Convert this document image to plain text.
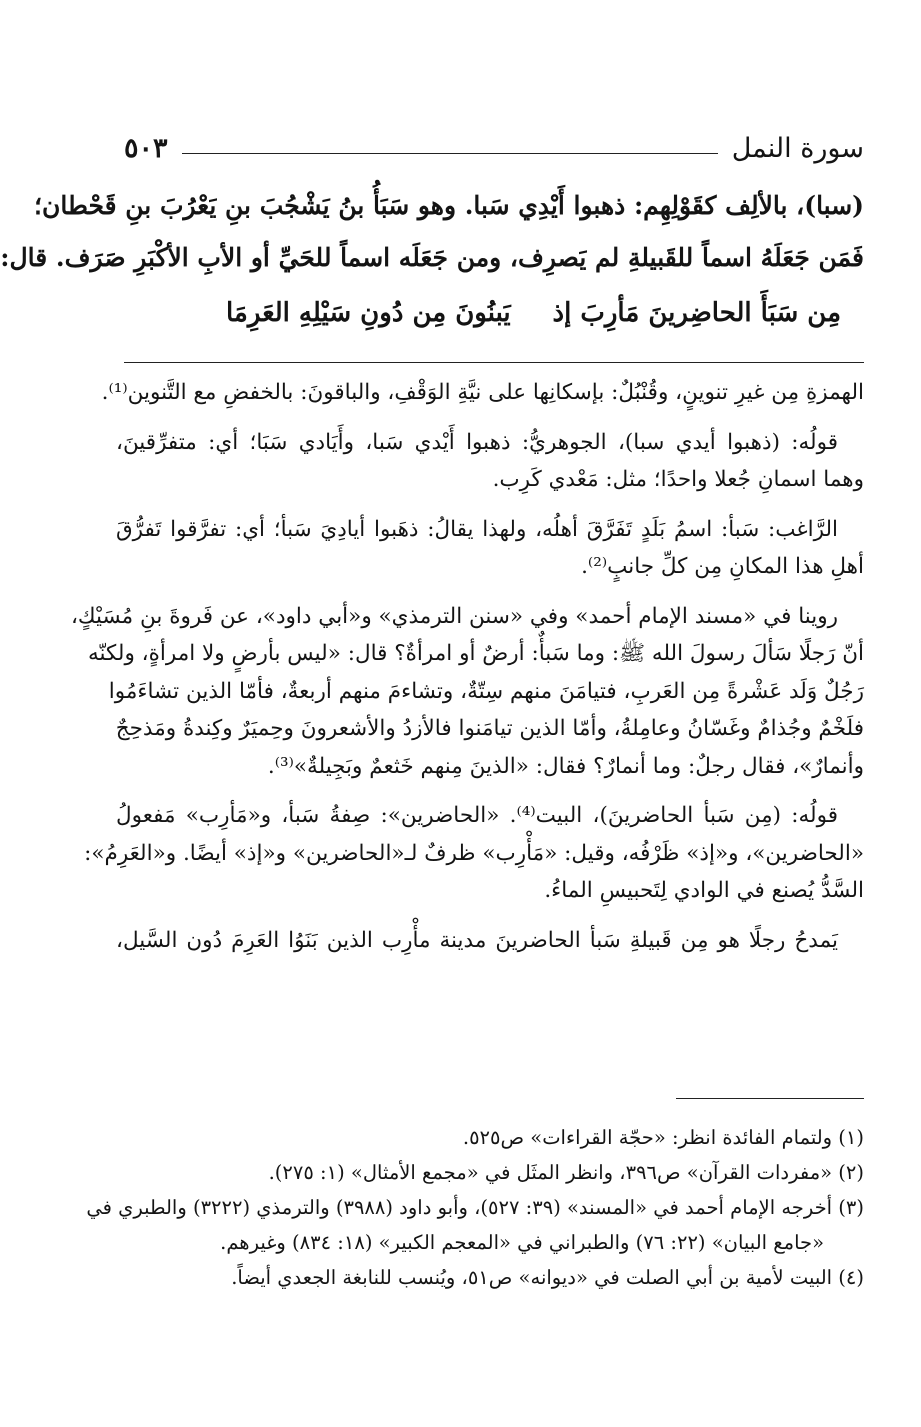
سورة النمل
٥٠٣
(سبا)، بالألِف كقَوْلِهِم: ذهبوا أَيْدِي سَبا. وهو سَبَأُ بنُ يَشْجُبَ بنِ يَعْرُبَ بنِ قَحْطان؛
فَمَن جَعَلَهُ اسماً للقَبيلةِ لم يَصرِف، ومن جَعَلَه اسماً للحَيِّ أو الأبِ الأكْبَرِ صَرَف. قال:
مِن سَبَأَ الحاضِرينَ مَأرِبَ إذ
يَبنُونَ مِن دُونِ سَيْلِهِ العَرِمَا
الهمزةِ مِن غيرِ تنوينٍ، وقُنْبُلٌ: بإسكانِها على نيَّةِ الوَقْفِ، والباقونَ: بالخفضِ مع التَّنوين⁽¹⁾.
قولُه: (ذهبوا أيدي سبا)، الجوهريُّ: ذهبوا أَيْدي سَبا، وأَيَادي سَبَا؛ أي: متفرِّقينَ،
وهما اسمانِ جُعلا واحدًا؛ مثل: مَعْدي كَرِب.
الرَّاغب: سَبأ: اسمُ بَلَدٍ تَفَرَّقَ أهلُه، ولهذا يقالُ: ذهَبوا أيادِيَ سَبأ؛ أي: تفرَّقوا تَفرُّقَ
أهلِ هذا المكانِ مِن كلِّ جانبٍ⁽²⁾.
روينا في «مسند الإمام أحمد» وفي «سنن الترمذي» و«أبي داود»، عن فَروةَ بنِ مُسَيْكٍ،
أنّ رَجلًا سَألَ رسولَ الله ﷺ: وما سَبأٌ: أرضٌ أو امرأةٌ؟ قال: «ليس بأرضٍ ولا امرأةٍ، ولكنّه
رَجُلٌ وَلَد عَشْرةً مِن العَربِ، فتيامَنَ منهم سِتّةٌ، وتشاءمَ منهم أربعةٌ، فأمّا الذين تشاءَمُوا
فلَخْمٌ وجُذامٌ وغَسّانُ وعامِلةُ، وأمّا الذين تيامَنوا فالأزدُ والأشعرونَ وحِميَرٌ وكِندةُ ومَذحِجٌ
وأنمارٌ»، فقال رجلٌ: وما أنمارٌ؟ فقال: «الذينَ مِنهم خَثعمٌ وبَجِيلةٌ»⁽³⁾.
قولُه: (مِن سَبأ الحاضرينَ)، البيت⁽⁴⁾. «الحاضرين»: صِفةُ سَبأ، و«مَأرِب» مَفعولُ
«الحاضرين»، و«إذ» ظَرْفُه، وقيل: «مَأْرِب» ظرفٌ لـ«الحاضرين» و«إذ» أيضًا. و«العَرِمُ»:
السَّدُّ يُصنع في الوادي لِتَحبيسِ الماءُ.
يَمدحُ رجلًا هو مِن قَبيلةِ سَبأ الحاضرينَ مدينة مأْرِب الذين بَنَوُا العَرِمَ دُون السَّيل،
(١) ولتمام الفائدة انظر: «حجّة القراءات» ص٥٢٥.
(٢) «مفردات القرآن» ص٣٩٦، وانظر المثَل في «مجمع الأمثال» (١: ٢٧٥).
(٣) أخرجه الإمام أحمد في «المسند» (٣٩: ٥٢٧)، وأبو داود (٣٩٨٨) والترمذي (٣٢٢٢) والطبري في
«جامع البيان» (٢٢: ٧٦) والطبراني في «المعجم الكبير» (١٨: ٨٣٤) وغيرهم.
(٤) البيت لأمية بن أبي الصلت في «ديوانه» ص٥١، ويُنسب للنابغة الجعدي أيضاً.
